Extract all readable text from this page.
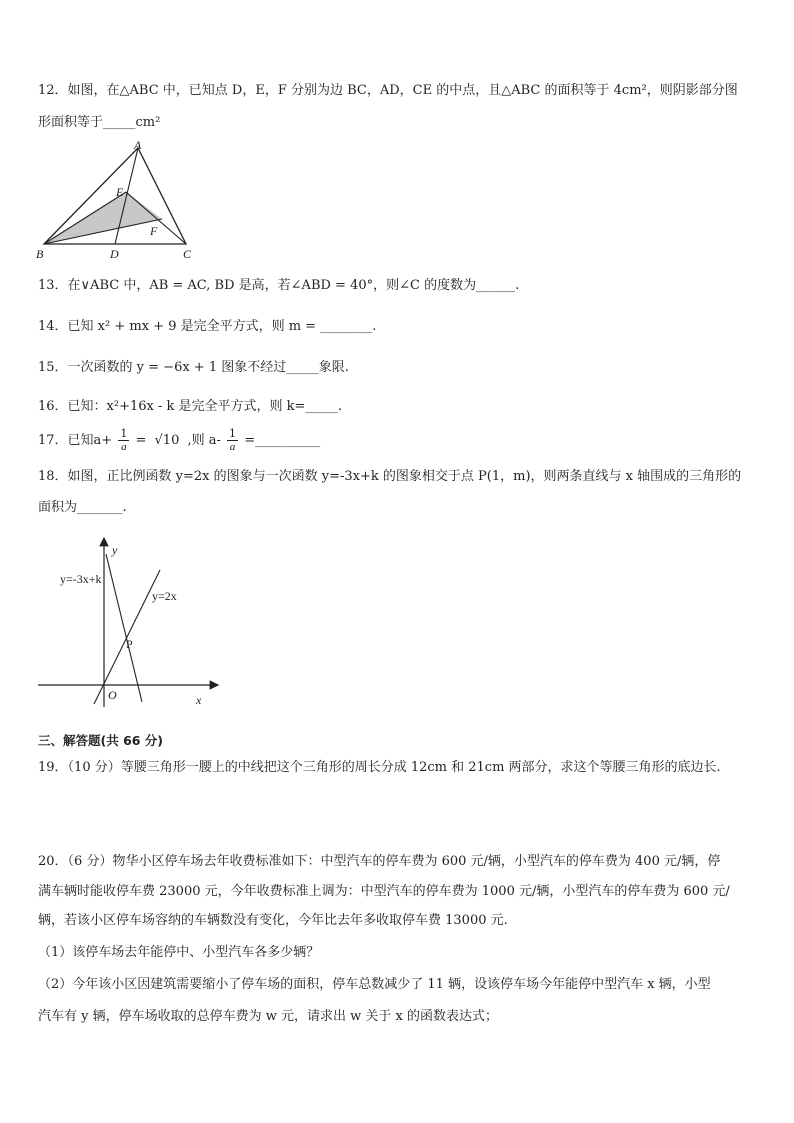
12．如图，在△ABC 中，已知点 D，E，F 分别为边 BC，AD，CE 的中点，且△ABC 的面积等于 4cm²，则阴影部分图
形面积等于_____cm²
A
B	C
D
E
F
13．在∨ABC 中，AB = AC, BD 是高，若∠ABD = 40°，则∠C 的度数为______.
14．已知 x² + mx + 9 是完全平方式，则 m = ________.
15．一次函数的 y = −6x + 1 图象不经过_____象限.
16．已知：x²+16x - k 是完全平方式，则 k=_____.
17．已知$a+ \frac{1}{a} = √10$ ,则 $a- \frac{1}{a}$ =__________
18．如图，正比例函数 y=2x 的图象与一次函数 y=-3x+k 的图象相交于点 P(1，m)，则两条直线与 x 轴围成的三角形的
面积为_______.
y
x
O
P
y=-3x+k
y=2x
三、解答题(共 66 分)
19．（10 分）等腰三角形一腰上的中线把这个三角形的周长分成 12cm 和 21cm 两部分，求这个等腰三角形的底边长.
20．（6 分）物华小区停车场去年收费标准如下：中型汽车的停车费为 600 元/辆，小型汽车的停车费为 400 元/辆，停
满车辆时能收停车费 23000 元，今年收费标准上调为：中型汽车的停车费为 1000 元/辆，小型汽车的停车费为 600 元/
辆，若该小区停车场容纳的车辆数没有变化，今年比去年多收取停车费 13000 元.
（1）该停车场去年能停中、小型汽车各多少辆？
（2）今年该小区因建筑需要缩小了停车场的面积，停车总数减少了 11 辆，设该停车场今年能停中型汽车 x 辆，小型
汽车有 y 辆，停车场收取的总停车费为 w 元，请求出 w 关于 x 的函数表达式；
